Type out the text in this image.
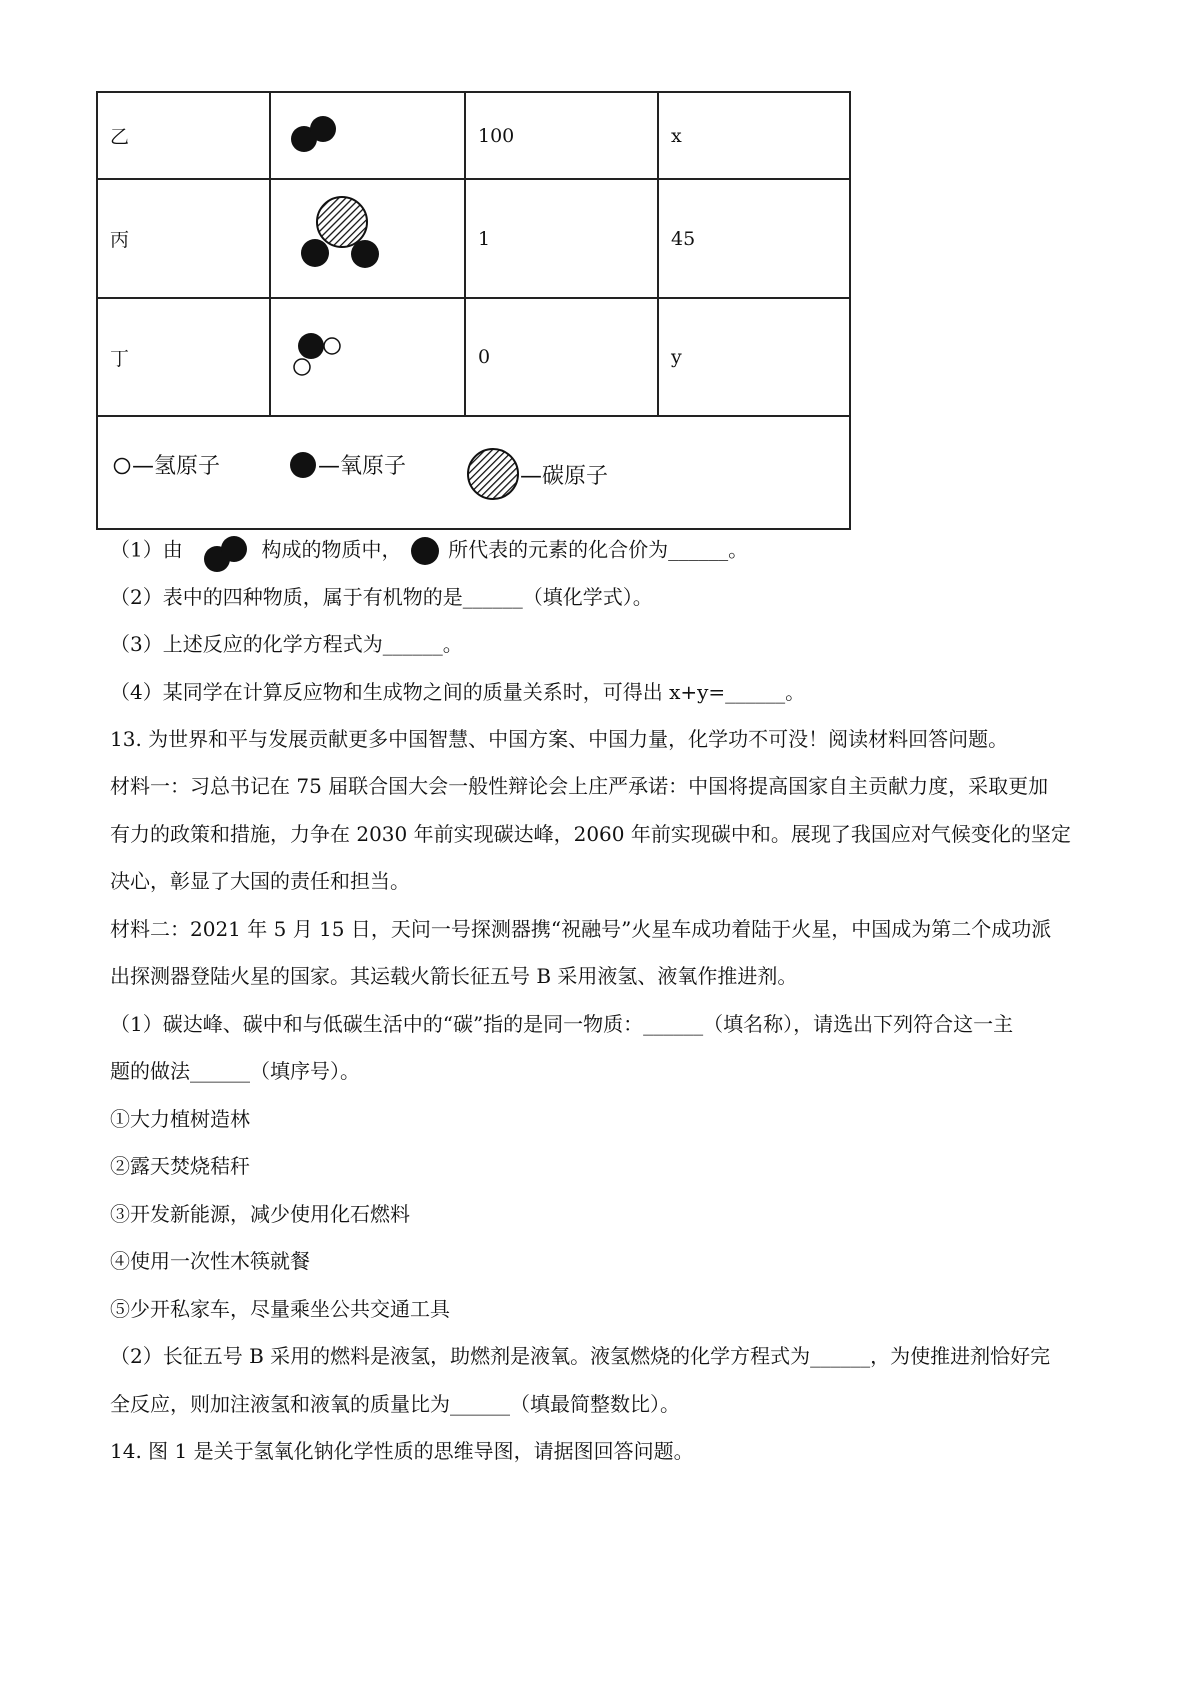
乙		100	x
丙		1	45
丁		0	y

—氢原子 —氧原子 —碳原子			
（1）由	构成的物质中， 所代表的元素的化合价为______。
（2）表中的四种物质，属于有机物的是______（填化学式）。
（3）上述反应的化学方程式为______。
（4）某同学在计算反应物和生成物之间的质量关系时，可得出 x+y=______。
13. 为世界和平与发展贡献更多中国智慧、中国方案、中国力量，化学功不可没！阅读材料回答问题。
材料一：习总书记在 75 届联合国大会一般性辩论会上庄严承诺：中国将提高国家自主贡献力度，采取更加
有力的政策和措施，力争在 2030 年前实现碳达峰，2060 年前实现碳中和。展现了我国应对气候变化的坚定
决心，彰显了大国的责任和担当。
材料二：2021 年 5 月 15 日，天问一号探测器携“祝融号”火星车成功着陆于火星，中国成为第二个成功派
出探测器登陆火星的国家。其运载火箭长征五号 B 采用液氢、液氧作推进剂。
（1）碳达峰、碳中和与低碳生活中的“碳”指的是同一物质：______（填名称），请选出下列符合这一主
题的做法______（填序号）。
①大力植树造林
②露天焚烧秸秆
③开发新能源，减少使用化石燃料
④使用一次性木筷就餐
⑤少开私家车，尽量乘坐公共交通工具
（2）长征五号 B 采用的燃料是液氢，助燃剂是液氧。液氢燃烧的化学方程式为______，为使推进剂恰好完
全反应，则加注液氢和液氧的质量比为______（填最简整数比）。
14. 图 1 是关于氢氧化钠化学性质的思维导图，请据图回答问题。
